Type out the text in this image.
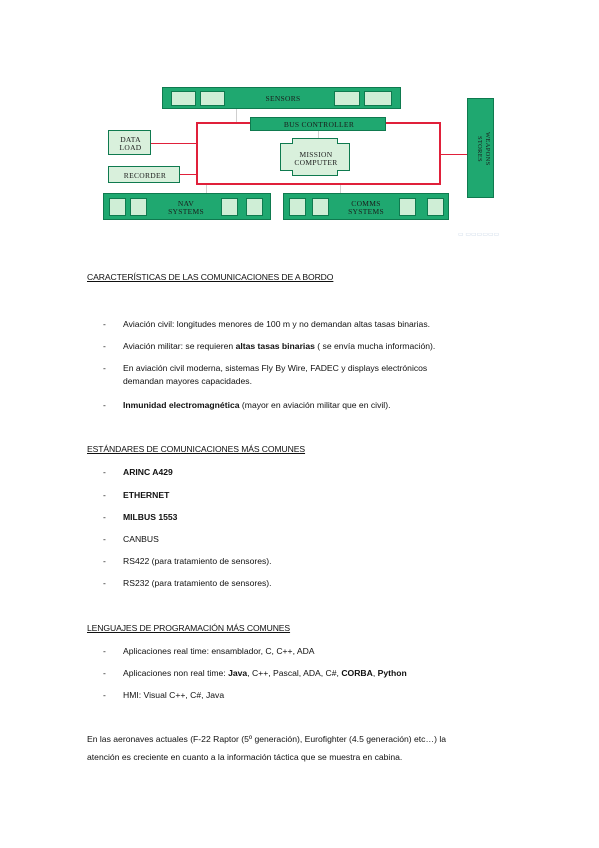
SENSORS
BUS CONTROLLER
MISSION
COMPUTER
DATA
LOAD
RECORDER
NAV
SYSTEMS
COMMS
SYSTEMS
WEAPONS
STORES
▭ ▭▭▭▭▭▭
CARACTERÍSTICAS DE LAS COMUNICACIONES DE A BORDO
- Aviación civil: longitudes menores de 100 m y no demandan altas tasas binarias.
- Aviación militar: se requieren altas tasas binarias ( se envía mucha información).
- En aviación civil moderna, sistemas Fly By Wire, FADEC y displays electrónicos
demandan mayores capacidades.
- Inmunidad electromagnética (mayor en aviación militar que en civil).
ESTÁNDARES DE COMUNICACIONES MÁS COMUNES
- ARINC A429
- ETHERNET
- MILBUS 1553
- CANBUS
- RS422 (para tratamiento de sensores).
- RS232 (para tratamiento de sensores).
LENGUAJES DE PROGRAMACIÓN MÁS COMUNES
- Aplicaciones real time: ensamblador, C, C++, ADA
- Aplicaciones non real time: Java, C++, Pascal, ADA, C#, CORBA, Python
- HMI: Visual C++, C#, Java
En las aeronaves actuales (F-22 Raptor (5º generación), Eurofighter (4.5 generación) etc…) la
atención es creciente en cuanto a la información táctica que se muestra en cabina.
